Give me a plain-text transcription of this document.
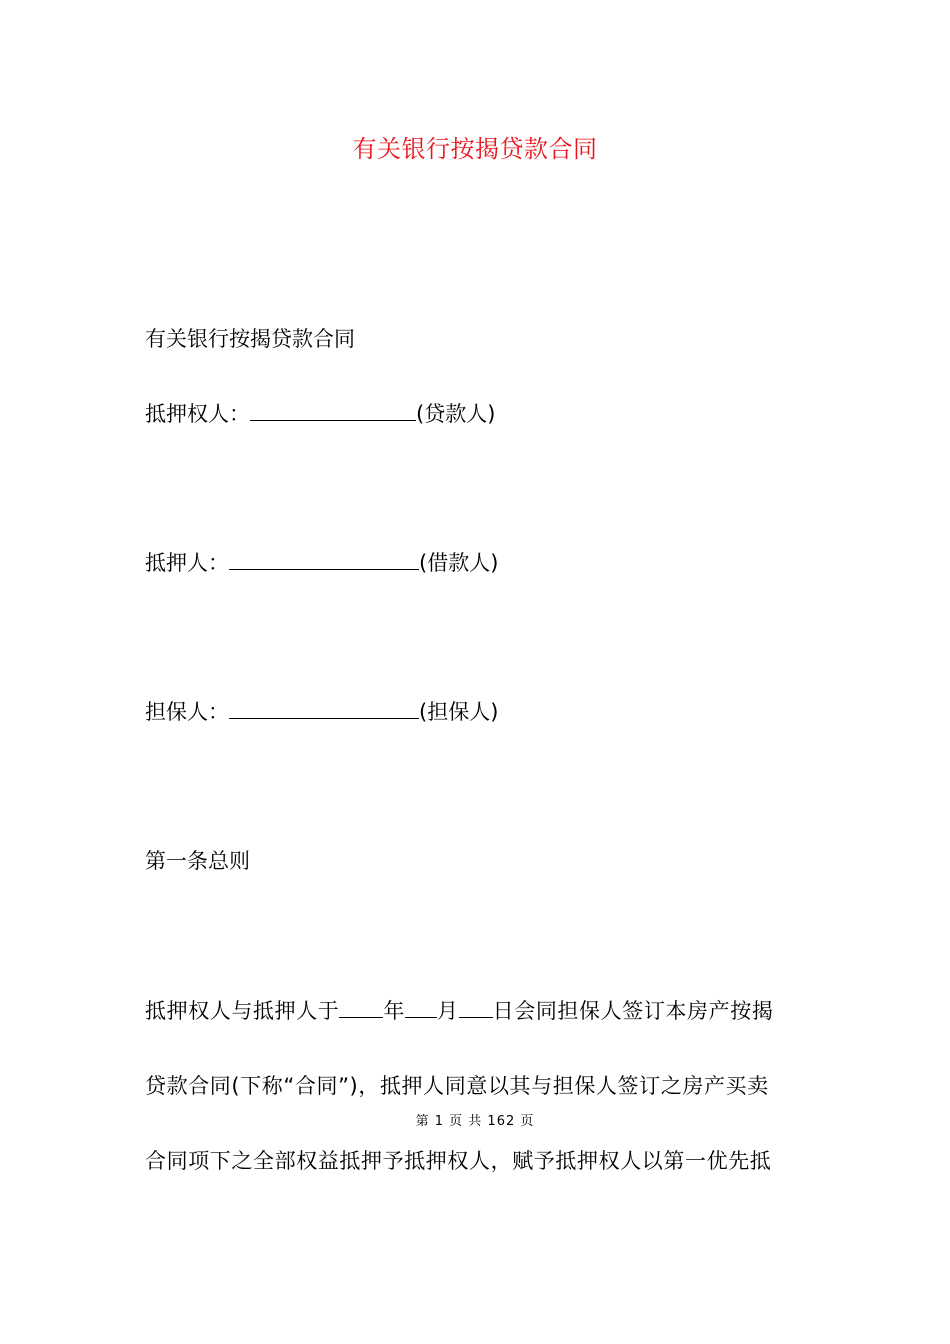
有关银行按揭贷款合同
有关银行按揭贷款合同
抵押权人：	(贷款人)
抵押人：	(借款人)
担保人：	(担保人)
第一条总则
抵押权人与抵押人于 年 月 日会同担保人签订本房产按揭
贷款合同(下称“合同”)，抵押人同意以其与担保人签订之房产买卖
第 1 页 共 162 页
合同项下之全部权益抵押予抵押权人，赋予抵押权人以第一优先抵
